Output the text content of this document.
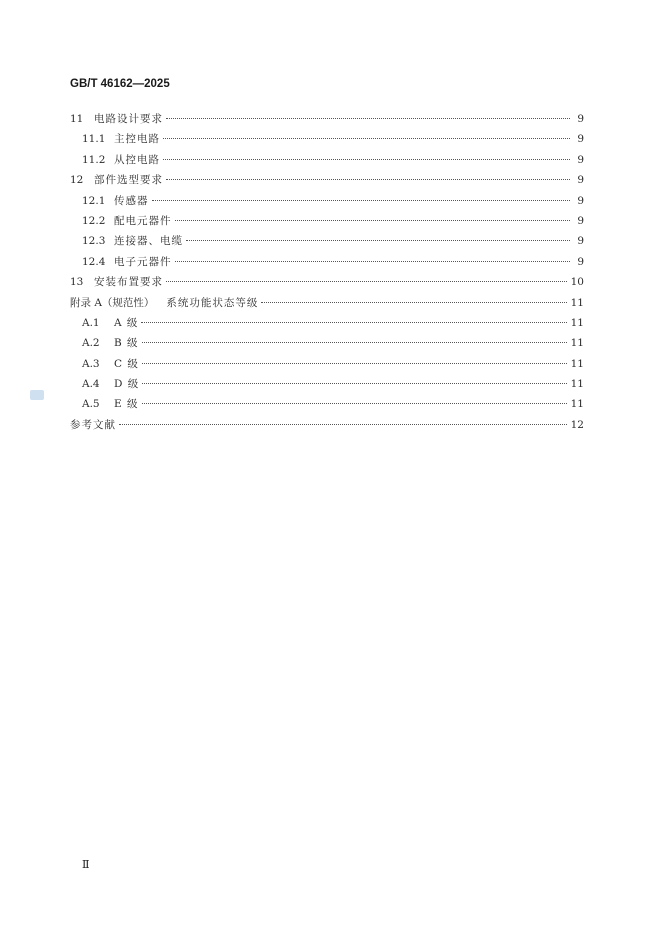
GB/T 46162—2025
11	电路设计要求	9
11.1 主控电路	9
11.2 从控电路	9
12	部件选型要求	9
12.1 传感器	9
12.2 配电元器件	9
12.3 连接器、电缆	9
12.4 电子元器件	9
13	安装布置要求	10
附录 A（规范性） 系统功能状态等级	11
A.1	A 级	11
A.2	B 级	11
A.3	C 级	11
A.4	D 级	11
A.5	E 级	11
参考文献	12
Ⅱ
